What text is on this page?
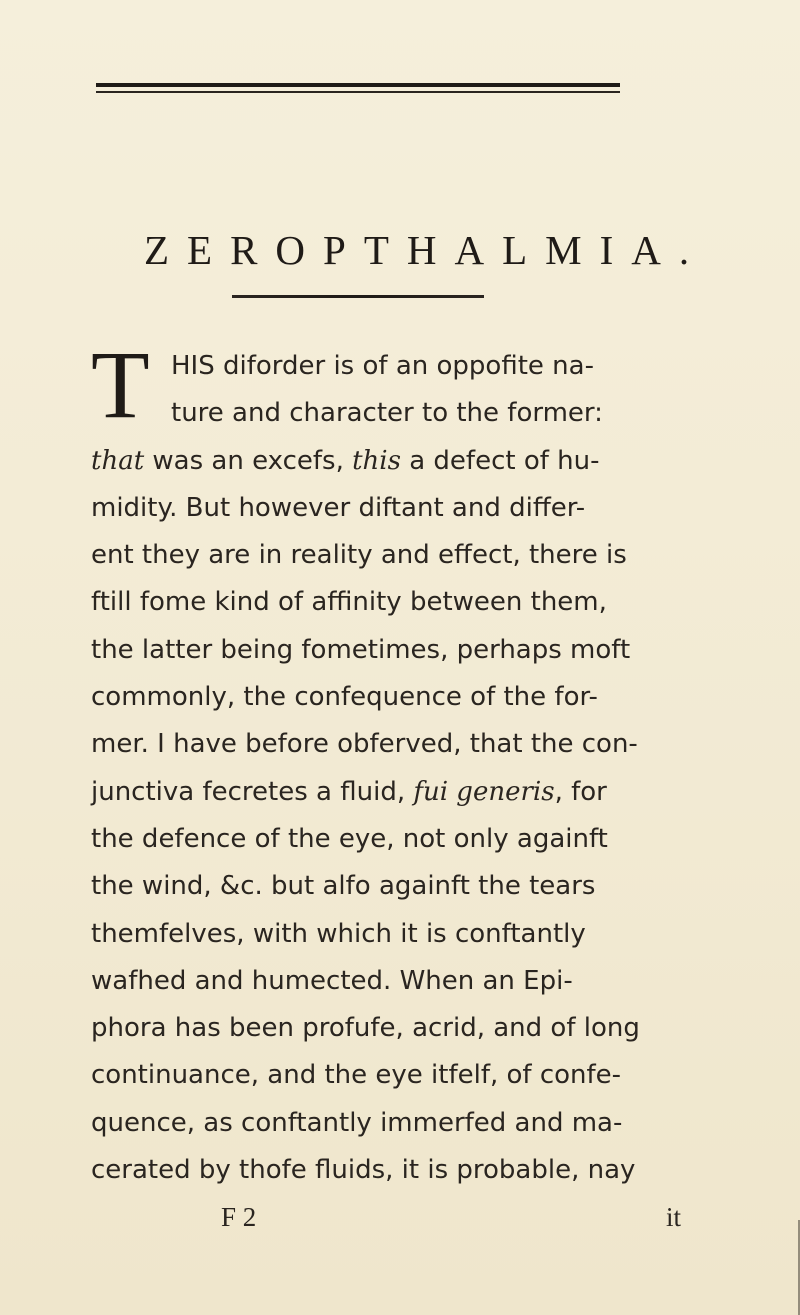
ZEROPTHALMIA.
T HIS diforder is of an oppofite na-
ture and character to the former:
that was an excefs, this a defect of hu-
midity. But however diftant and differ-
ent they are in reality and effect, there is
ftill fome kind of affinity between them,
the latter being fometimes, perhaps moft
commonly, the confequence of the for-
mer. I have before obferved, that the con-
junctiva fecretes a fluid, fui generis, for
the defence of the eye, not only againft
the wind, &c. but alfo againft the tears
themfelves, with which it is conftantly
wafhed and humected. When an Epi-
phora has been profufe, acrid, and of long
continuance, and the eye itfelf, of confe-
quence, as conftantly immerfed and ma-
cerated by thofe fluids, it is probable, nay
F 2	it
